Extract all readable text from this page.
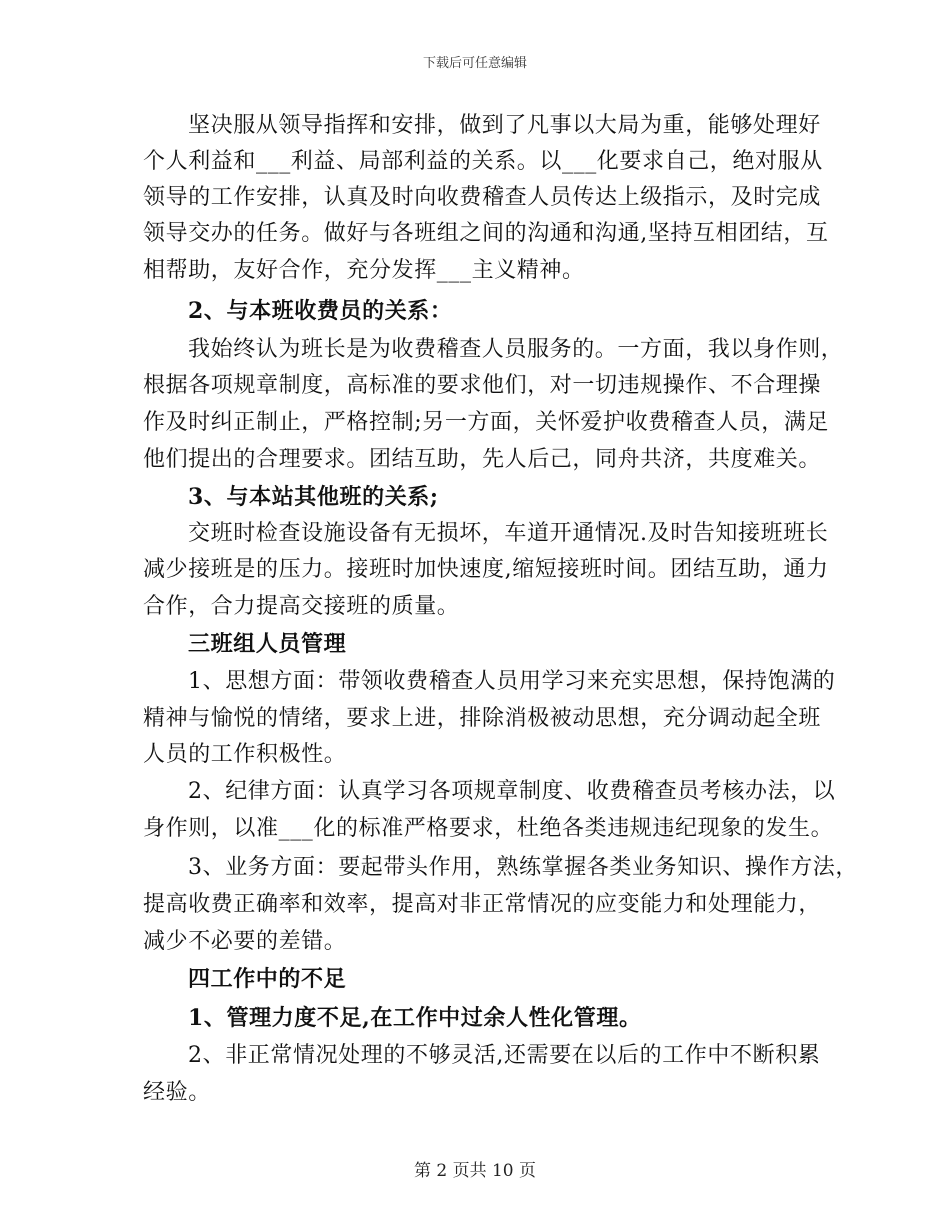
下载后可任意编辑
坚决服从领导指挥和安排，做到了凡事以大局为重，能够处理好
个人利益和___利益、局部利益的关系。以___化要求自己，绝对服从
领导的工作安排，认真及时向收费稽查人员传达上级指示，及时完成
领导交办的任务。做好与各班组之间的沟通和沟通,坚持互相团结，互
相帮助，友好合作，充分发挥___主义精神。
2、与本班收费员的关系：
我始终认为班长是为收费稽查人员服务的。一方面，我以身作则，
根据各项规章制度，高标准的要求他们，对一切违规操作、不合理操
作及时纠正制止，严格控制;另一方面，关怀爱护收费稽查人员，满足
他们提出的合理要求。团结互助，先人后己，同舟共济，共度难关。
3、与本站其他班的关系;
交班时检查设施设备有无损坏，车道开通情况.及时告知接班班长
减少接班是的压力。接班时加快速度,缩短接班时间。团结互助，通力
合作，合力提高交接班的质量。
三班组人员管理
1、思想方面：带领收费稽查人员用学习来充实思想，保持饱满的
精神与愉悦的情绪，要求上进，排除消极被动思想，充分调动起全班
人员的工作积极性。
2、纪律方面：认真学习各项规章制度、收费稽查员考核办法，以
身作则，以准___化的标准严格要求，杜绝各类违规违纪现象的发生。
3、业务方面：要起带头作用，熟练掌握各类业务知识、操作方法，
提高收费正确率和效率，提高对非正常情况的应变能力和处理能力，
减少不必要的差错。
四工作中的不足
1、管理力度不足,在工作中过余人性化管理。
2、非正常情况处理的不够灵活,还需要在以后的工作中不断积累
经验。
第 2 页共 10 页
